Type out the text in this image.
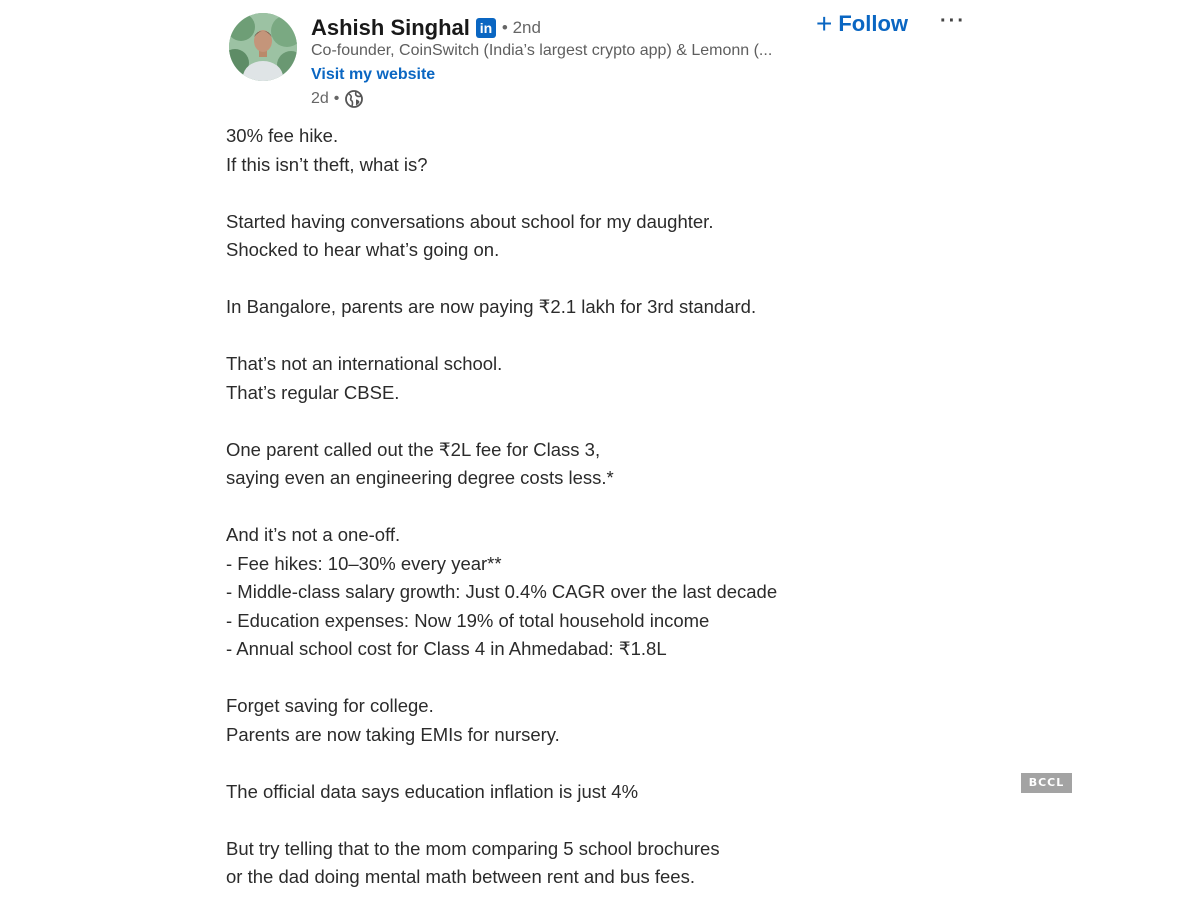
Ashish Singhal in • 2nd
Co-founder, CoinSwitch (India’s largest crypto app) & Lemonn (...
Visit my website
2d •
+ Follow ···
30% fee hike.
If this isn’t theft, what is?
Started having conversations about school for my daughter.
Shocked to hear what’s going on.
In Bangalore, parents are now paying ₹2.1 lakh for 3rd standard.
That’s not an international school.
That’s regular CBSE.
One parent called out the ₹2L fee for Class 3,
saying even an engineering degree costs less.*
And it’s not a one-off.
- Fee hikes: 10–30% every year**
- Middle-class salary growth: Just 0.4% CAGR over the last decade
- Education expenses: Now 19% of total household income
- Annual school cost for Class 4 in Ahmedabad: ₹1.8L
Forget saving for college.
Parents are now taking EMIs for nursery.
The official data says education inflation is just 4%
But try telling that to the mom comparing 5 school brochures
or the dad doing mental math between rent and bus fees.
BCCL
